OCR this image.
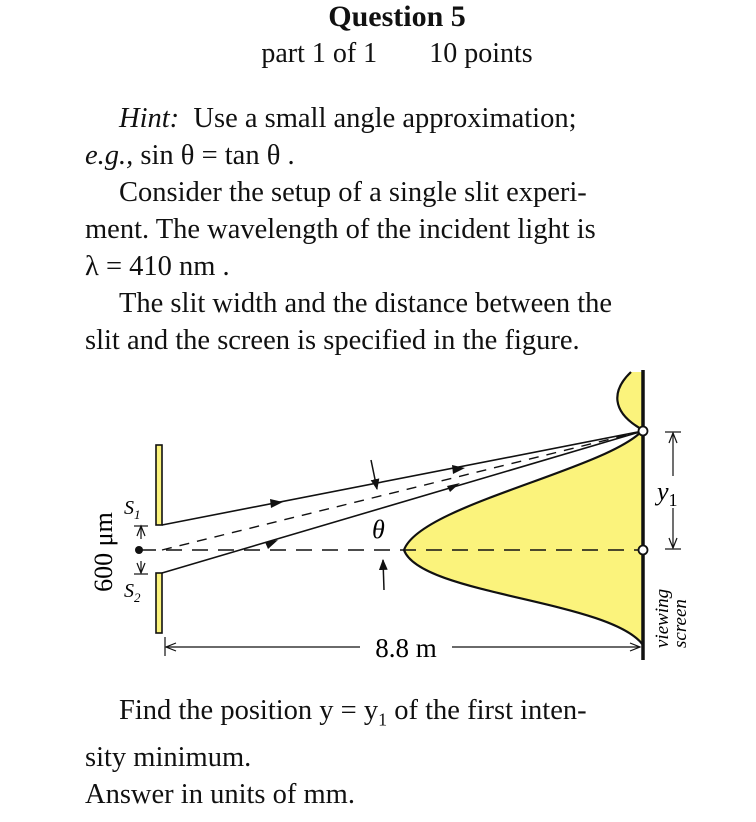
Question 5
part 1 of 1 10 points
Hint: Use a small angle approximation;
e.g., sin θ = tan θ .
Consider the setup of a single slit experi-
ment. The wavelength of the incident light is
λ = 410 nm .
The slit width and the distance between the
slit and the screen is specified in the figure.
$S_1$
$S_2$
600 μm	θ
$y_1$
viewingscreen
8.8 m
Find the position $y = y_1$ of the first inten-
sity minimum.
Answer in units of mm.
